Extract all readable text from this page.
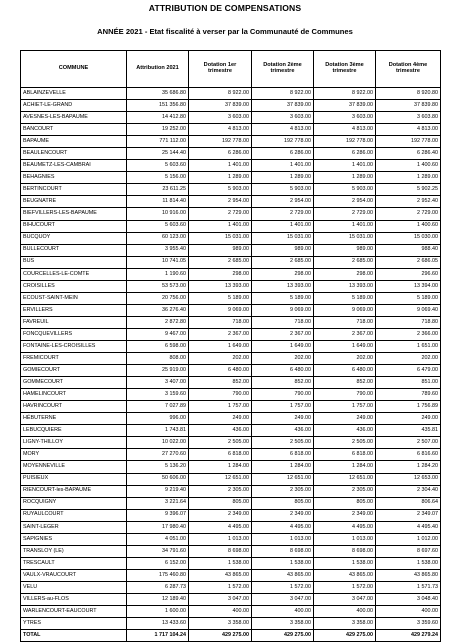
ATTRIBUTION DE COMPENSATIONS
ANNÉE 2021 - Etat fiscalité à verser par la Communauté de Communes
COMMUNE	Attribution 2021	Dotation 1er trimestre	Dotation 2ème trimestre	Dotation 3ème trimestre	Dotation 4ème trimestre
ABLAINZEVELLE	35 686.80	8 922.00	8 922.00	8 922.00	8 920.80
ACHIET-LE-GRAND	151 356.80	37 839.00	37 839.00	37 839.00	37 839.80
AVESNES-LES-BAPAUME	14 412.80	3 603.00	3 603.00	3 603.00	3 603.80
BANCOURT	19 252.00	4 813.00	4 813.00	4 813.00	4 813.00
BAPAUME	771 112.00	192 778.00	192 778.00	192 778.00	192 778.00
BEAULENCOURT	25 144.40	6 286.00	6 286.00	6 286.00	6 286.40
BEAUMETZ-LES-CAMBRAI	5 603.60	1 401.00	1 401.00	1 401.00	1 400.60
BEHAGNIES	5 156.00	1 289.00	1 289.00	1 289.00	1 289.00
BERTINCOURT	23 611.25	5 903.00	5 903.00	5 903.00	5 902.25
BEUGNATRE	11 814.40	2 954.00	2 954.00	2 954.00	2 952.40
BIEFVILLERS-LES-BAPAUME	10 916.00	2 729.00	2 729.00	2 729.00	2 729.00
BIHUCOURT	5 603.60	1 401.00	1 401.00	1 401.00	1 400.60
BUCQUOY	60 123.00	15 031.00	15 031.00	15 031.00	15 030.00
BULLECOURT	3 955.40	989.00	989.00	989.00	988.40
BUS	10 741.05	2 685.00	2 685.00	2 685.00	2 686.05
COURCELLES-LE-COMTE	1 190.60	298.00	298.00	298.00	296.60
CROISILLES	53 573.00	13 393.00	13 393.00	13 393.00	13 394.00
ECOUST-SAINT-MEIN	20 756.00	5 189.00	5 189.00	5 189.00	5 189.00
ERVILLERS	36 276.40	9 069.00	9 069.00	9 069.00	9 069.40
FAVREUIL	2 872.80	718.00	718.00	718.00	718.80
FONCQUEVILLERS	9 467.00	2 367.00	2 367.00	2 367.00	2 366.00
FONTAINE-LES-CROISILLES	6 598.00	1 649.00	1 649.00	1 649.00	1 651.00
FREMICOURT	808.00	202.00	202.00	202.00	202.00
GOMIECOURT	25 919.00	6 480.00	6 480.00	6 480.00	6 479.00
GOMMECOURT	3 407.00	852.00	852.00	852.00	851.00
HAMELINCOURT	3 159.60	790.00	790.00	790.00	789.60
HAVRINCOURT	7 027.89	1 757.00	1 757.00	1 757.00	1 756.89
HÉBUTERNE	996.00	249.00	249.00	249.00	249.00
LEBUCQUIERE	1 743.81	436.00	436.00	436.00	435.81
LIGNY-THILLOY	10 022.00	2 505.00	2 505.00	2 505.00	2 507.00
MORY	27 270.60	6 818.00	6 818.00	6 818.00	6 816.60
MOYENNEVILLE	5 136.20	1 284.00	1 284.00	1 284.00	1 284.20
PUISIEUX	50 606.00	12 651.00	12 651.00	12 651.00	12 653.00
RIENCOURT-les-BAPAUME	9 219.40	2 305.00	2 305.00	2 305.00	2 304.40
ROCQUIGNY	3 221.64	805.00	805.00	805.00	806.64
RUYAULCOURT	9 396.07	2 349.00	2 349.00	2 349.00	2 349.07
SAINT-LEGER	17 980.40	4 495.00	4 495.00	4 495.00	4 495.40
SAPIGNIES	4 051.00	1 013.00	1 013.00	1 013.00	1 012.00
TRANSLOY (LE)	34 791.60	8 698.00	8 698.00	8 698.00	8 697.60
TRESCAULT	6 152.00	1 538.00	1 538.00	1 538.00	1 538.00
VAULX-VRAUCOURT	175 460.80	43 865.00	43 865.00	43 865.00	43 865.80
VELU	6 287.73	1 572.00	1 572.00	1 572.00	1 571.73
VILLERS-au-FLOS	12 189.40	3 047.00	3 047.00	3 047.00	3 048.40
WARLENCOURT-EAUCOURT	1 600.00	400.00	400.00	400.00	400.00
YTRES	13 433.60	3 358.00	3 358.00	3 358.00	3 359.60
TOTAL	1 717 104.24	429 275.00	429 275.00	429 275.00	429 279.24
